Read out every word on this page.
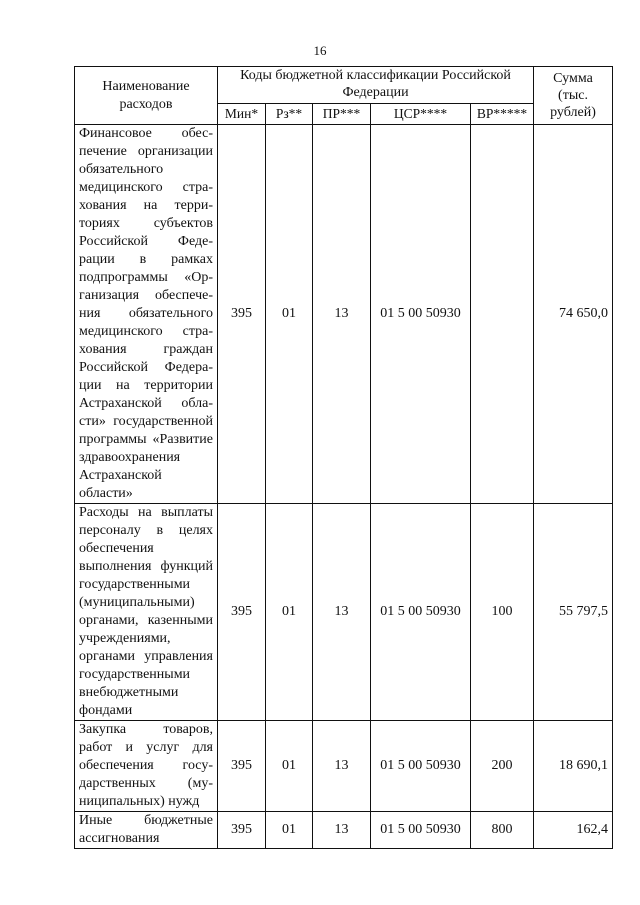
16
Наименование расходов	Коды бюджетной классификации Российской Федерации					Сумма (тыс. рублей)
	Мин*	Рз**	ПР***	ЦСР****	ВР*****	
Финансовое обеспечение организации обязательного медицинского страхования на территориях субъектов Российской Федерации в рамках подпрограммы «Организация обеспечения обязательного медицинского страхования граждан Российской Федерации на территории Астраханской области» государственной программы «Развитие здравоохранения Астраханской области»	395	01	13	01 5 00 50930		74 650,0
Расходы на выплаты персоналу в целях обеспечения выполнения функций государственными (муниципальными) органами, казенными учреждениями, органами управления государственными внебюджетными фондами	395	01	13	01 5 00 50930	100	55 797,5
Закупка товаров, работ и услуг для обеспечения государственных (муниципальных) нужд	395	01	13	01 5 00 50930	200	18 690,1
Иные бюджетные ассигнования	395	01	13	01 5 00 50930	800	162,4
